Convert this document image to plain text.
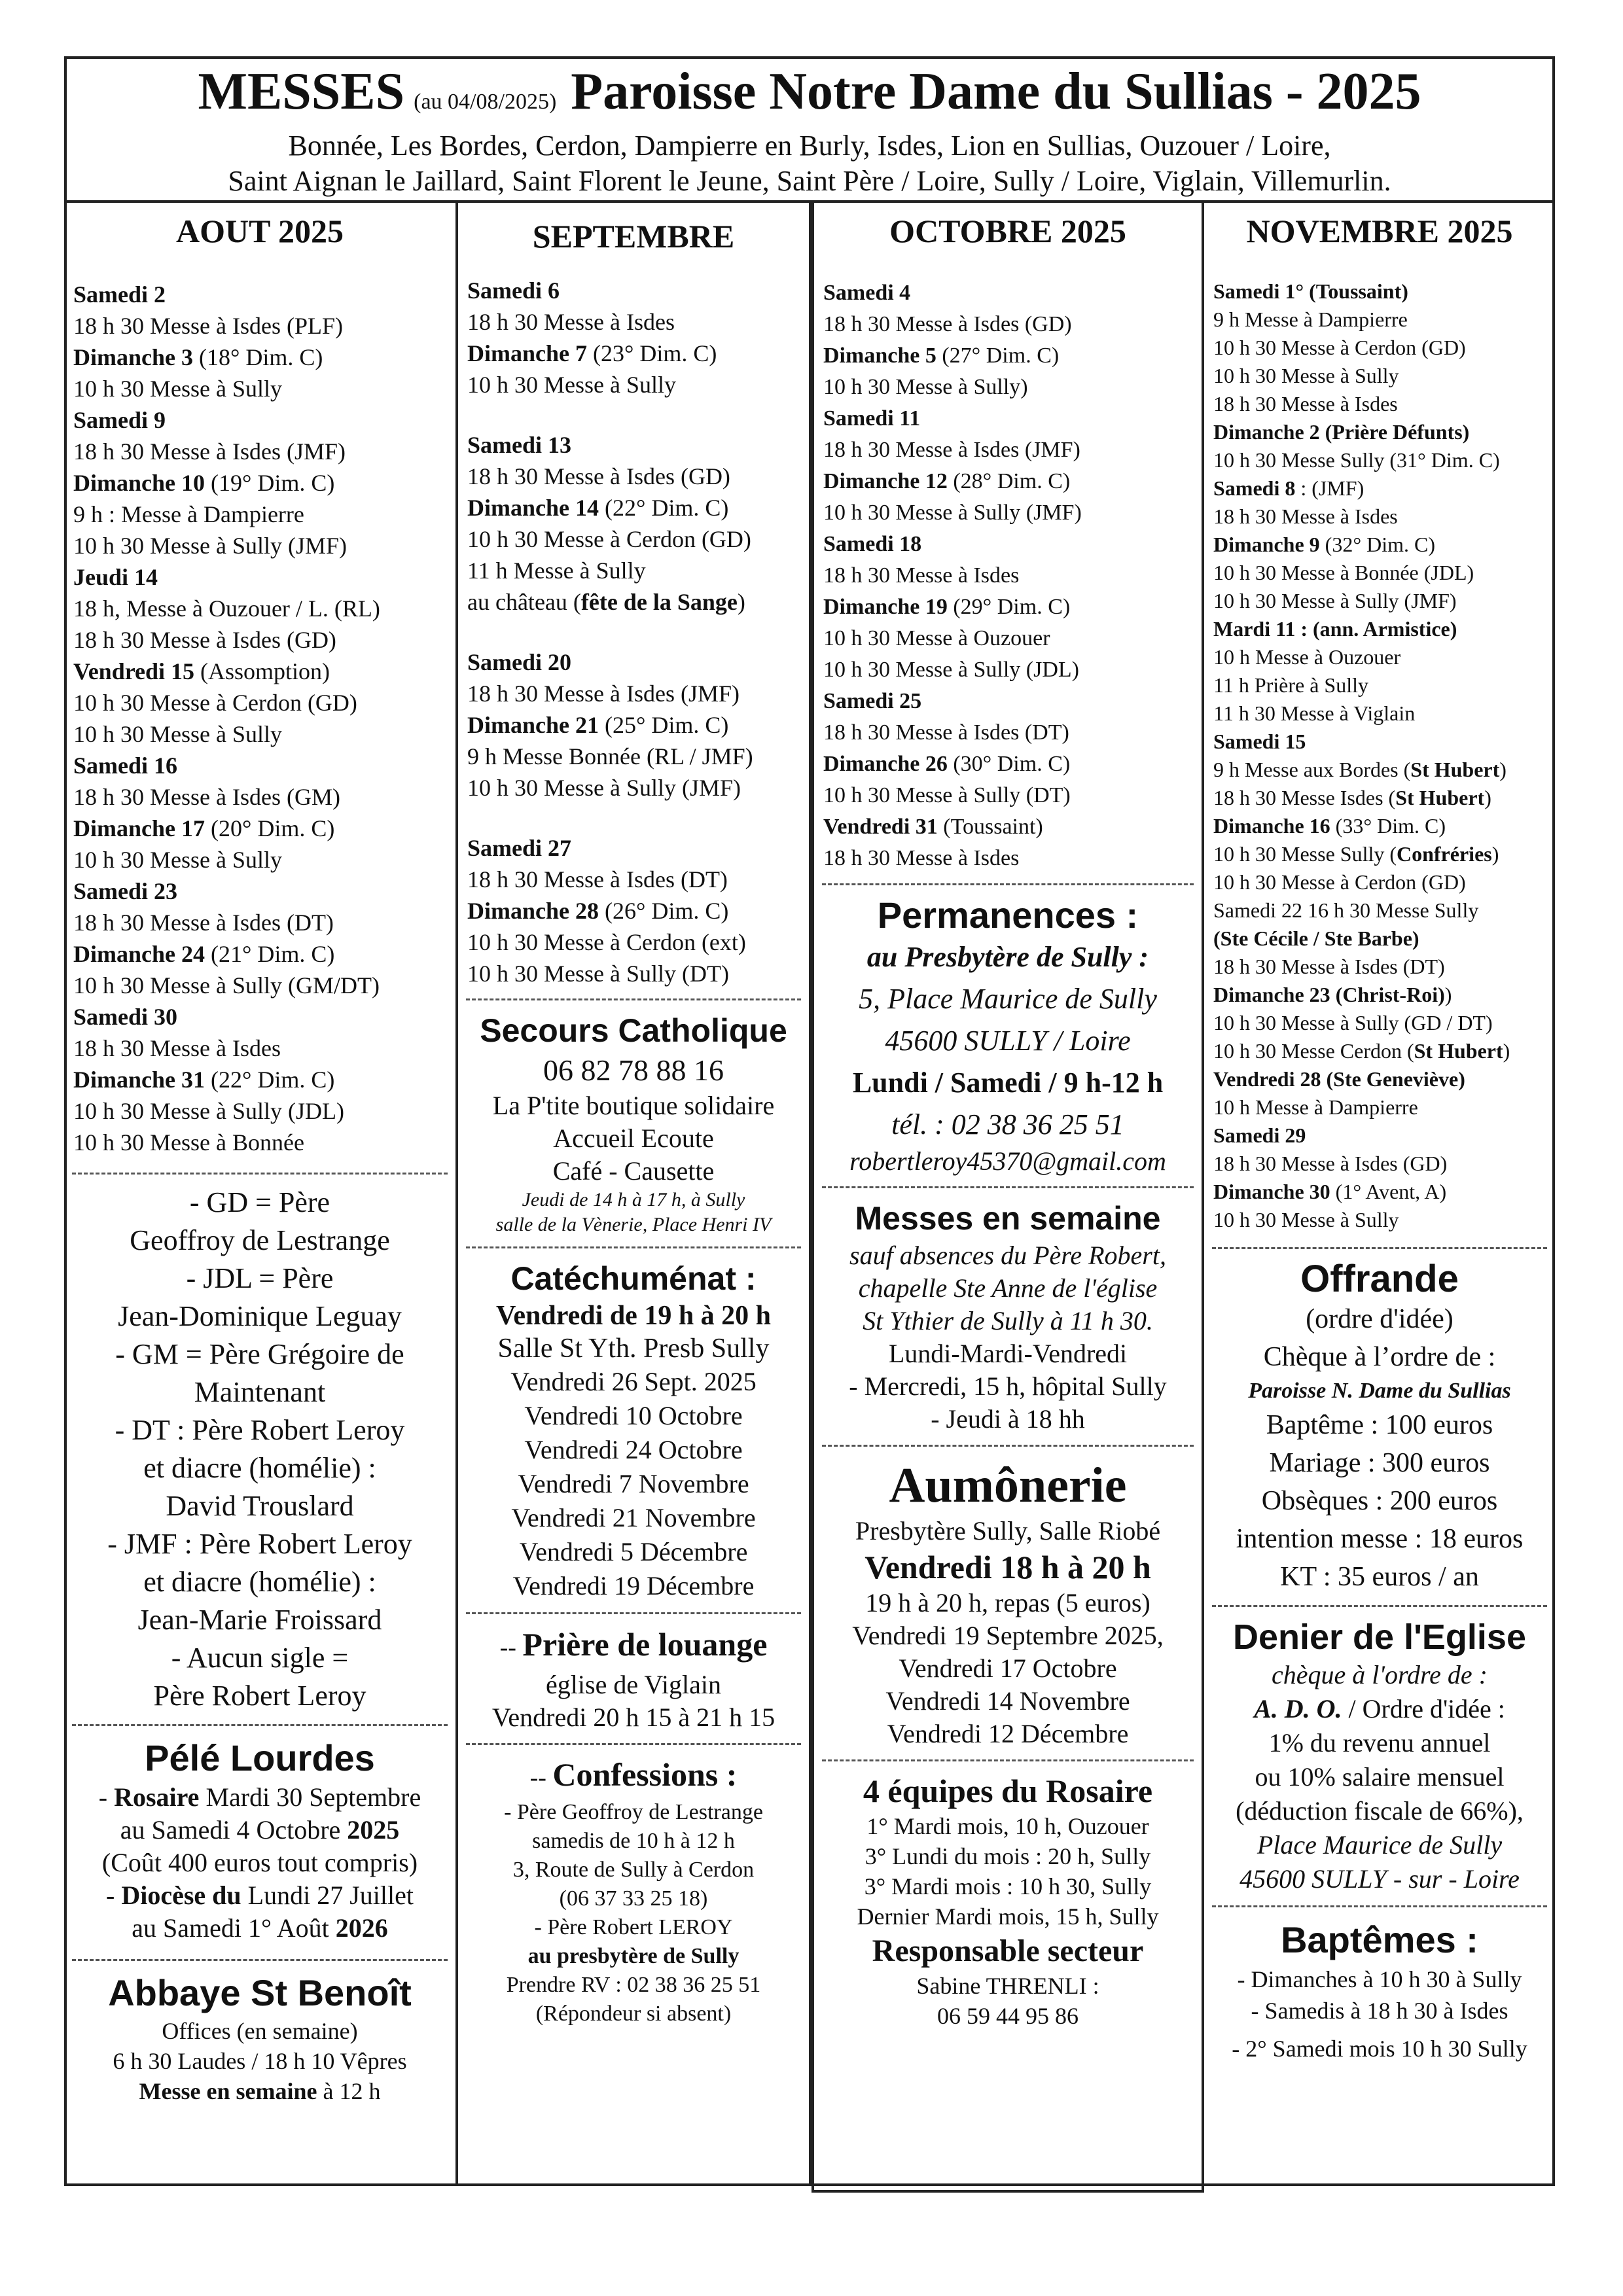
MESSES (au 04/08/2025) Paroisse Notre Dame du Sullias - 2025
Bonnée, Les Bordes, Cerdon, Dampierre en Burly, Isdes, Lion en Sullias, Ouzouer / Loire,
Saint Aignan le Jaillard, Saint Florent le Jeune, Saint Père / Loire, Sully / Loire, Viglain, Villemurlin.
AOUT 2025
Samedi 2
18 h 30 Messe à Isdes (PLF)
Dimanche 3 (18° Dim. C)
10 h 30 Messe à Sully
Samedi 9
18 h 30 Messe à Isdes (JMF)
Dimanche 10 (19° Dim. C)
9 h : Messe à Dampierre
10 h 30 Messe à Sully (JMF)
Jeudi 14
18 h, Messe à Ouzouer / L. (RL)
18 h 30 Messe à Isdes (GD)
Vendredi 15 (Assomption)
10 h 30 Messe à Cerdon (GD)
10 h 30 Messe à Sully
Samedi 16
18 h 30 Messe à Isdes (GM)
Dimanche 17 (20° Dim. C)
10 h 30 Messe à Sully
Samedi 23
18 h 30 Messe à Isdes (DT)
Dimanche 24 (21° Dim. C)
10 h 30 Messe à Sully (GM/DT)
Samedi 30
18 h 30 Messe à Isdes
Dimanche 31 (22° Dim. C)
10 h 30 Messe à Sully (JDL)
10 h 30 Messe à Bonnée
- GD = Père
Geoffroy de Lestrange
- JDL = Père
Jean-Dominique Leguay
- GM = Père Grégoire de
Maintenant
- DT : Père Robert Leroy
et diacre (homélie) :
David Trouslard
- JMF : Père Robert Leroy
et diacre (homélie) :
Jean-Marie Froissard
- Aucun sigle =
Père Robert Leroy
Pélé Lourdes
- Rosaire Mardi 30 Septembre
au Samedi 4 Octobre 2025
(Coût 400 euros tout compris)
- Diocèse du Lundi 27 Juillet
au Samedi 1° Août 2026
Abbaye St Benoît
Offices (en semaine)
6 h 30 Laudes / 18 h 10 Vêpres
Messe en semaine à 12 h
SEPTEMBRE
Samedi 6
18 h 30 Messe à Isdes
Dimanche 7 (23° Dim. C)
10 h 30 Messe à Sully
Samedi 13
18 h 30 Messe à Isdes (GD)
Dimanche 14 (22° Dim. C)
10 h 30 Messe à Cerdon (GD)
11 h Messe à Sully
au château (fête de la Sange)
Samedi 20
18 h 30 Messe à Isdes (JMF)
Dimanche 21 (25° Dim. C)
9 h Messe Bonnée (RL / JMF)
10 h 30 Messe à Sully (JMF)
Samedi 27
18 h 30 Messe à Isdes (DT)
Dimanche 28 (26° Dim. C)
10 h 30 Messe à Cerdon (ext)
10 h 30 Messe à Sully (DT)
Secours Catholique
06 82 78 88 16
La P'tite boutique solidaire
Accueil Ecoute
Café - Causette
Jeudi de 14 h à 17 h, à Sully
salle de la Vènerie, Place Henri IV
Catéchuménat :
Vendredi de 19 h à 20 h
Salle St Yth. Presb Sully
Vendredi 26 Sept. 2025
Vendredi 10 Octobre
Vendredi 24 Octobre
Vendredi 7 Novembre
Vendredi 21 Novembre
Vendredi 5 Décembre
Vendredi 19 Décembre
-- Prière de louange
église de Viglain
Vendredi 20 h 15 à 21 h 15
-- Confessions :
- Père Geoffroy de Lestrange
samedis de 10 h à 12 h
3, Route de Sully à Cerdon
(06 37 33 25 18)
- Père Robert LEROY
au presbytère de Sully
Prendre RV : 02 38 36 25 51
(Répondeur si absent)
OCTOBRE 2025
Samedi 4
18 h 30 Messe à Isdes (GD)
Dimanche 5 (27° Dim. C)
10 h 30 Messe à Sully)
Samedi 11
18 h 30 Messe à Isdes (JMF)
Dimanche 12 (28° Dim. C)
10 h 30 Messe à Sully (JMF)
Samedi 18
18 h 30 Messe à Isdes
Dimanche 19 (29° Dim. C)
10 h 30 Messe à Ouzouer
10 h 30 Messe à Sully (JDL)
Samedi 25
18 h 30 Messe à Isdes (DT)
Dimanche 26 (30° Dim. C)
10 h 30 Messe à Sully (DT)
Vendredi 31 (Toussaint)
18 h 30 Messe à Isdes
Permanences :
au Presbytère de Sully :
5, Place Maurice de Sully
45600 SULLY / Loire
Lundi / Samedi / 9 h-12 h
tél. : 02 38 36 25 51
robertleroy45370@gmail.com
Messes en semaine
sauf absences du Père Robert,
chapelle Ste Anne de l'église
St Ythier de Sully à 11 h 30.
Lundi-Mardi-Vendredi
- Mercredi, 15 h, hôpital Sully
- Jeudi à 18 hh
Aumônerie
Presbytère Sully, Salle Riobé
Vendredi 18 h à 20 h
19 h à 20 h, repas (5 euros)
Vendredi 19 Septembre 2025,
Vendredi 17 Octobre
Vendredi 14 Novembre
Vendredi 12 Décembre
4 équipes du Rosaire
1° Mardi mois, 10 h, Ouzouer
3° Lundi du mois : 20 h, Sully
3° Mardi mois : 10 h 30, Sully
Dernier Mardi mois, 15 h, Sully
Responsable secteur
Sabine THRENLI :
06 59 44 95 86
NOVEMBRE 2025
Samedi 1° (Toussaint)
9 h Messe à Dampierre
10 h 30 Messe à Cerdon (GD)
10 h 30 Messe à Sully
18 h 30 Messe à Isdes
Dimanche 2 (Prière Défunts)
10 h 30 Messe Sully (31° Dim. C)
Samedi 8 : (JMF)
18 h 30 Messe à Isdes
Dimanche 9 (32° Dim. C)
10 h 30 Messe à Bonnée (JDL)
10 h 30 Messe à Sully (JMF)
Mardi 11 : (ann. Armistice)
10 h Messe à Ouzouer
11 h Prière à Sully
11 h 30 Messe à Viglain
Samedi 15
9 h Messe aux Bordes (St Hubert)
18 h 30 Messe Isdes (St Hubert)
Dimanche 16 (33° Dim. C)
10 h 30 Messe Sully (Confréries)
10 h 30 Messe à Cerdon (GD)
Samedi 22 16 h 30 Messe Sully
(Ste Cécile / Ste Barbe)
18 h 30 Messe à Isdes (DT)
Dimanche 23 (Christ-Roi))
10 h 30 Messe à Sully (GD / DT)
10 h 30 Messe Cerdon (St Hubert)
Vendredi 28 (Ste Geneviève)
10 h Messe à Dampierre
Samedi 29
18 h 30 Messe à Isdes (GD)
Dimanche 30 (1° Avent, A)
10 h 30 Messe à Sully
Offrande
(ordre d'idée)
Chèque à l’ordre de :
Paroisse N. Dame du Sullias
Baptême : 100 euros
Mariage : 300 euros
Obsèques : 200 euros
intention messe : 18 euros
KT : 35 euros / an
Denier de l'Eglise
chèque à l'ordre de :
A. D. O. / Ordre d'idée :
1% du revenu annuel
ou 10% salaire mensuel
(déduction fiscale de 66%),
Place Maurice de Sully
45600 SULLY - sur - Loire
Baptêmes :
- Dimanches à 10 h 30 à Sully
- Samedis à 18 h 30 à Isdes
- 2° Samedi mois 10 h 30 Sully
